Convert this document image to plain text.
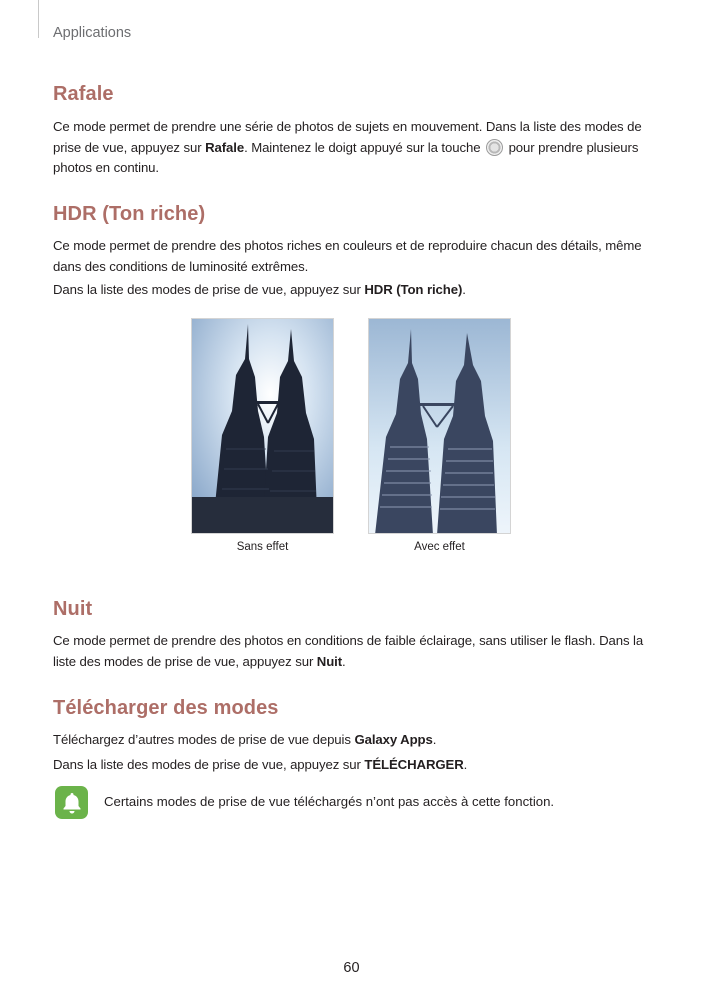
Applications
Rafale

Ce mode permet de prendre une série de photos de sujets en mouvement. Dans la liste des modes de prise de vue, appuyez sur Rafale. Maintenez le doigt appuyé sur la touche  pour prendre plusieurs photos en continu.

HDR (Ton riche)

Ce mode permet de prendre des photos riches en couleurs et de reproduire chacun des détails, même dans des conditions de luminosité extrêmes.

Dans la liste des modes de prise de vue, appuyez sur HDR (Ton riche).

Sans effet	Avec effet
Nuit

Ce mode permet de prendre des photos en conditions de faible éclairage, sans utiliser le flash. Dans la liste des modes de prise de vue, appuyez sur Nuit.

Télécharger des modes

Téléchargez d’autres modes de prise de vue depuis Galaxy Apps.

Dans la liste des modes de prise de vue, appuyez sur TÉLÉCHARGER.

Certains modes de prise de vue téléchargés n’ont pas accès à cette fonction.
60
